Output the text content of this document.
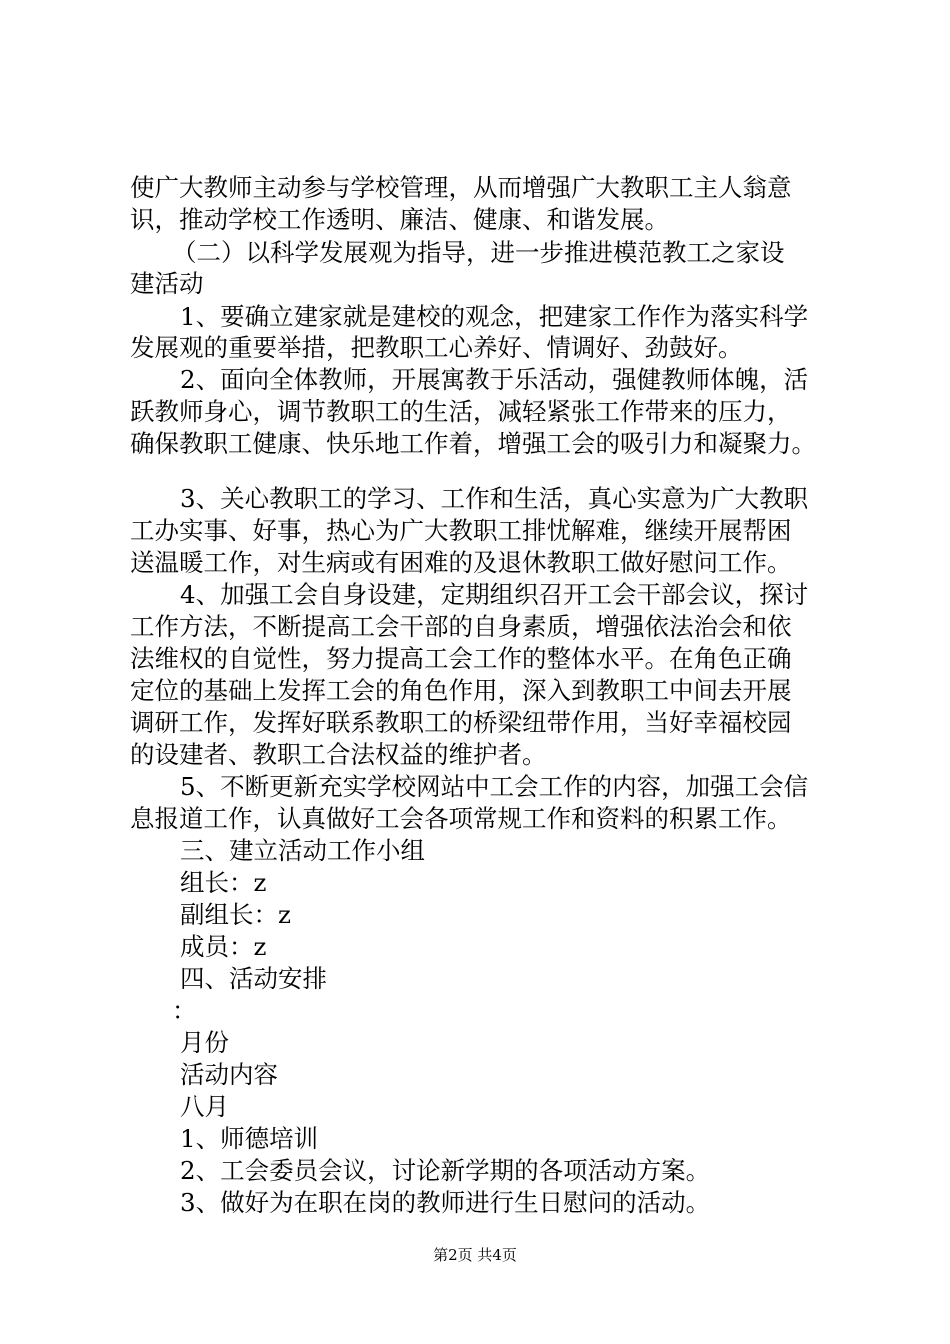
使广大教师主动参与学校管理，从而增强广大教职工主人翁意
识，推动学校工作透明、廉洁、健康、和谐发展。
（二）以科学发展观为指导，进一步推进模范教工之家设
建活动
1、要确立建家就是建校的观念，把建家工作作为落实科学
发展观的重要举措，把教职工心养好、情调好、劲鼓好。
2、面向全体教师，开展寓教于乐活动，强健教师体魄，活
跃教师身心，调节教职工的生活，减轻紧张工作带来的压力，
确保教职工健康、快乐地工作着，增强工会的吸引力和凝聚力。
3、关心教职工的学习、工作和生活，真心实意为广大教职
工办实事、好事，热心为广大教职工排忧解难，继续开展帮困
送温暖工作，对生病或有困难的及退休教职工做好慰问工作。
4、加强工会自身设建，定期组织召开工会干部会议，探讨
工作方法，不断提高工会干部的自身素质，增强依法治会和依
法维权的自觉性，努力提高工会工作的整体水平。在角色正确
定位的基础上发挥工会的角色作用，深入到教职工中间去开展
调研工作，发挥好联系教职工的桥梁纽带作用，当好幸福校园
的设建者、教职工合法权益的维护者。
5、不断更新充实学校网站中工会工作的内容，加强工会信
息报道工作，认真做好工会各项常规工作和资料的积累工作。
三、建立活动工作小组
组长：z
副组长：z
成员：z
四、活动安排
：
月份
活动内容
八月
1、师德培训
2、工会委员会议，讨论新学期的各项活动方案。
3、做好为在职在岗的教师进行生日慰问的活动。
第2页 共4页
